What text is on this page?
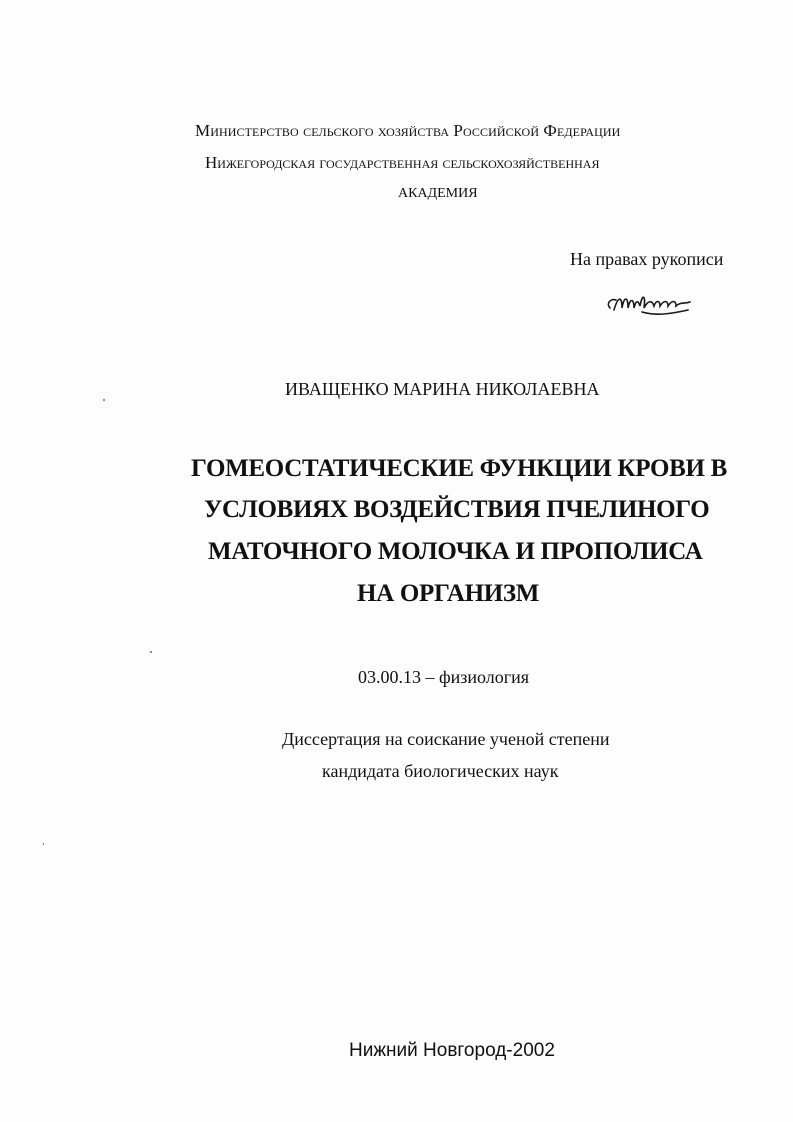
Министерство сельского хозяйства Российской Федерации
Нижегородская государственная сельскохозяйственная
АКАДЕМИЯ
На правах рукописи
ИВАЩЕНКО МАРИНА НИКОЛАЕВНА
ГОМЕОСТАТИЧЕСКИЕ ФУНКЦИИ КРОВИ В
УСЛОВИЯХ ВОЗДЕЙСТВИЯ ПЧЕЛИНОГО
МАТОЧНОГО МОЛОЧКА И ПРОПОЛИСА
НА ОРГАНИЗМ
03.00.13 – физиология
Диссертация на соискание ученой степени
кандидата биологических наук
Нижний Новгород-2002
